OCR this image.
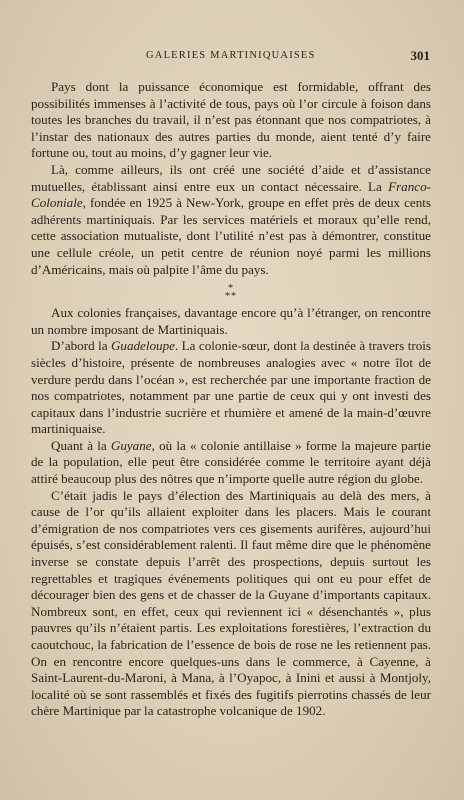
GALERIES MARTINIQUAISES	301

Pays dont la puissance économique est formidable, offrant des possibilités immenses à l’activité de tous, pays où l’or circule à foison dans toutes les branches du travail, il n’est pas étonnant que nos compatriotes, à l’instar des nationaux des autres parties du monde, aient tenté d’y faire fortune ou, tout au moins, d’y gagner leur vie.

Là, comme ailleurs, ils ont créé une société d’aide et d’assistance mutuelles, établissant ainsi entre eux un contact nécessaire. La Franco-Coloniale, fondée en 1925 à New-York, groupe en effet près de deux cents adhérents martiniquais. Par les services matériels et moraux qu’elle rend, cette association mutualiste, dont l’utilité n’est pas à démontrer, constitue une cellule créole, un petit centre de réunion noyé parmi les millions d’Américains, mais où palpite l’âme du pays.

*
**

Aux colonies françaises, davantage encore qu’à l’étranger, on rencontre un nombre imposant de Martiniquais.

D’abord la Guadeloupe. La colonie-sœur, dont la destinée à travers trois siècles d’histoire, présente de nombreuses analogies avec « notre îlot de verdure perdu dans l’océan », est recherchée par une importante fraction de nos compatriotes, notamment par une partie de ceux qui y ont investi des capitaux dans l’industrie sucrière et rhumière et amené de la main-d’œuvre martiniquaise.

Quant à la Guyane, où la « colonie antillaise » forme la majeure partie de la population, elle peut être considérée comme le territoire ayant déjà attiré beaucoup plus des nôtres que n’importe quelle autre région du globe.

C’était jadis le pays d’élection des Martiniquais au delà des mers, à cause de l’or qu’ils allaient exploiter dans les placers. Mais le courant d’émigration de nos compatriotes vers ces gisements aurifères, aujourd’hui épuisés, s’est considérablement ralenti. Il faut même dire que le phénomène inverse se constate depuis l’arrêt des prospections, depuis surtout les regrettables et tragiques événements politiques qui ont eu pour effet de décourager bien des gens et de chasser de la Guyane d’importants capitaux. Nombreux sont, en effet, ceux qui reviennent ici « désenchantés », plus pauvres qu’ils n’étaient partis. Les exploitations forestières, l’extraction du caoutchouc, la fabrication de l’essence de bois de rose ne les retiennent pas. On en rencontre encore quelques-uns dans le commerce, à Cayenne, à Saint-Laurent-du-Maroni, à Mana, à l’Oyapoc, à Inini et aussi à Montjoly, localité où se sont rassemblés et fixés des fugitifs pierrotins chassés de leur chère Martinique par la catastrophe volcanique de 1902.
